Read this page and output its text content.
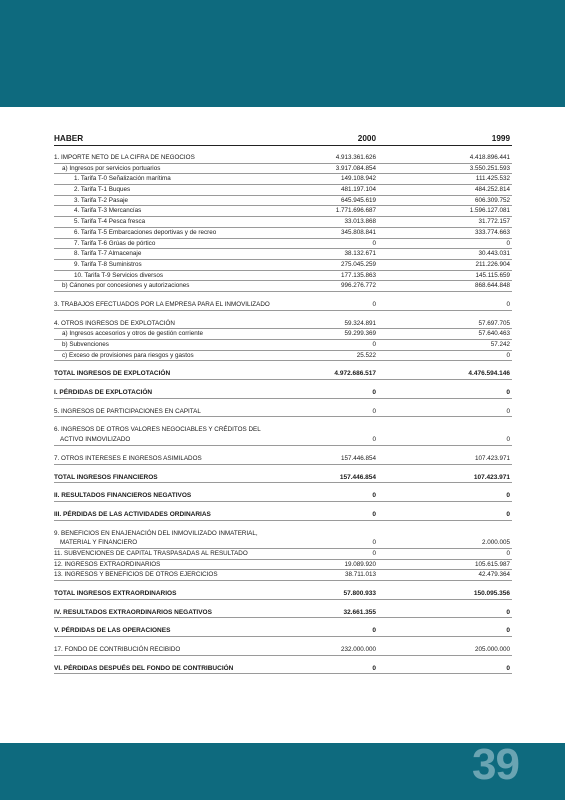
HABER	2000	1999
1. IMPORTE NETO DE LA CIFRA DE NEGOCIOS	4.913.361.626	4.418.896.441
a) Ingresos por servicios portuarios	3.917.084.854	3.550.251.593
1. Tarifa T-0 Señalización marítima	149.108.942	111.425.532
2. Tarifa T-1 Buques	481.197.104	484.252.814
3. Tarifa T-2 Pasaje	645.945.619	606.309.752
4. Tarifa T-3 Mercancías	1.771.696.687	1.596.127.081
5. Tarifa T-4 Pesca fresca	33.013.868	31.772.157
6. Tarifa T-5 Embarcaciones deportivas y de recreo	345.808.841	333.774.663
7. Tarifa T-6 Grúas de pórtico	0	0
8. Tarifa T-7 Almacenaje	38.132.671	30.443.031
9. Tarifa T-8 Suministros	275.045.259	211.226.904
10. Tarifa T-9 Servicios diversos	177.135.863	145.115.659
b) Cánones por concesiones y autorizaciones	996.276.772	868.644.848
3. TRABAJOS EFECTUADOS POR LA EMPRESA PARA EL INMOVILIZADO	0	0
4. OTROS INGRESOS DE EXPLOTACIÓN	59.324.891	57.697.705
a) Ingresos accesorios y otros de gestión corriente	59.299.369	57.640.463
b) Subvenciones	0	57.242
c) Exceso de provisiones para riesgos y gastos	25.522	0
TOTAL INGRESOS DE EXPLOTACIÓN	4.972.686.517	4.476.594.146
I. PÉRDIDAS DE EXPLOTACIÓN	0	0
5. INGRESOS DE PARTICIPACIONES EN CAPITAL	0	0
6. INGRESOS DE OTROS VALORES NEGOCIABLES Y CRÉDITOS DEL
ACTIVO INMOVILIZADO	0	0
7. OTROS INTERESES E INGRESOS ASIMILADOS	157.446.854	107.423.971
TOTAL INGRESOS FINANCIEROS	157.446.854	107.423.971
II. RESULTADOS FINANCIEROS NEGATIVOS	0	0
III. PÉRDIDAS DE LAS ACTIVIDADES ORDINARIAS	0	0
9. BENEFICIOS EN ENAJENACIÓN DEL INMOVILIZADO INMATERIAL,
MATERIAL Y FINANCIERO	0	2.000.005
11. SUBVENCIONES DE CAPITAL TRASPASADAS AL RESULTADO	0	0
12. INGRESOS EXTRAORDINARIOS	19.089.920	105.615.987
13. INGRESOS Y BENEFICIOS DE OTROS EJERCICIOS	38.711.013	42.479.364
TOTAL INGRESOS EXTRAORDINARIOS	57.800.933	150.095.356
IV. RESULTADOS EXTRAORDINARIOS NEGATIVOS	32.661.355	0
V. PÉRDIDAS DE LAS OPERACIONES	0	0
17. FONDO DE CONTRIBUCIÓN RECIBIDO	232.000.000	205.000.000
VI. PÉRDIDAS DESPUÉS DEL FONDO DE CONTRIBUCIÓN	0	0
39
